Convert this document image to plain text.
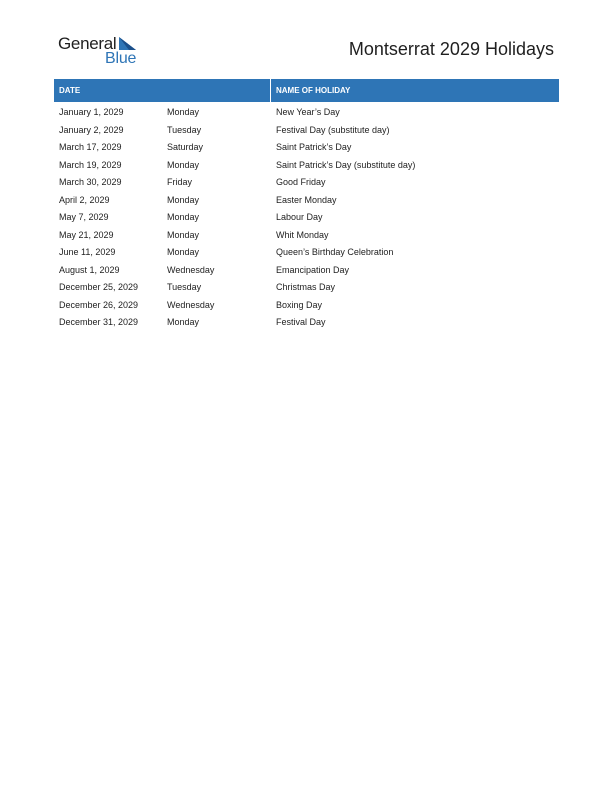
General
Blue	Montserrat 2029 Holidays
DATE	NAME OF HOLIDAY
January 1, 2029	Monday	New Year’s Day
January 2, 2029	Tuesday	Festival Day (substitute day)
March 17, 2029	Saturday	Saint Patrick’s Day
March 19, 2029	Monday	Saint Patrick’s Day (substitute day)
March 30, 2029	Friday	Good Friday
April 2, 2029	Monday	Easter Monday
May 7, 2029	Monday	Labour Day
May 21, 2029	Monday	Whit Monday
June 11, 2029	Monday	Queen’s Birthday Celebration
August 1, 2029	Wednesday	Emancipation Day
December 25, 2029	Tuesday	Christmas Day
December 26, 2029	Wednesday	Boxing Day
December 31, 2029	Monday	Festival Day
